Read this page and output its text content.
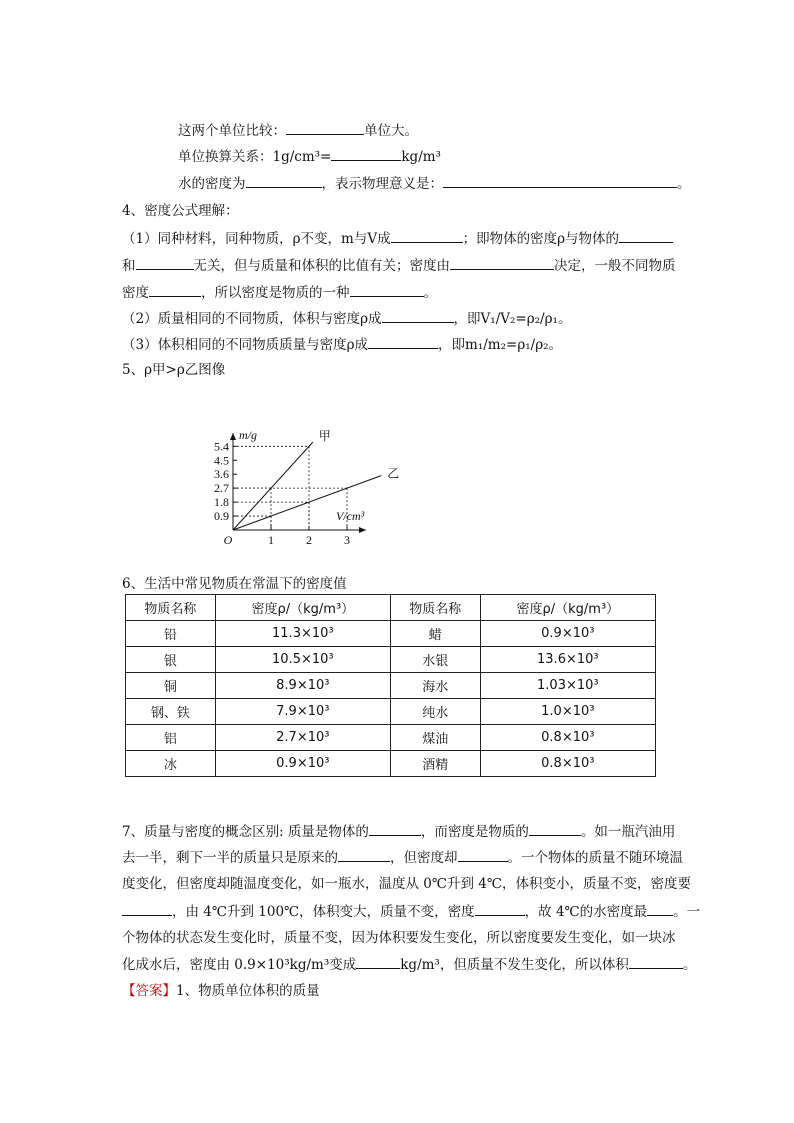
这两个单位比较：	单位大。
单位换算关系：1g/cm³=	kg/m³
水的密度为	，表示物理意义是：	。
4、密度公式理解：
（1）同种材料，同种物质，ρ不变，m与V成	；即物体的密度ρ与物体的
和	无关，但与质量和体积的比值有关；密度由	决定，一般不同物质
密度	，所以密度是物质的一种	。
（2）质量相同的不同物质，体积与密度ρ成	，即V₁/V₂=ρ₂/ρ₁。
（3）体积相同的不同物质质量与密度ρ成	，即m₁/m₂=ρ₁/ρ₂。
5、ρ甲>ρ乙图像
m/g
V/cm³
O
0.9
1.8
2.7
3.6
4.5
5.4
1	2	3
甲
乙
6、生活中常见物质在常温下的密度值
物质名称	密度ρ/（kg/m³）	物质名称	密度ρ/（kg/m³）
铅	11.3×10³	蜡	0.9×10³
银	10.5×10³	水银	13.6×10³
铜	8.9×10³	海水	1.03×10³
钢、铁	7.9×10³	纯水	1.0×10³
铝	2.7×10³	煤油	0.8×10³
冰	0.9×10³	酒精	0.8×10³
7、质量与密度的概念区别: 质量是物体的	，而密度是物质的	。如一瓶汽油用
去一半，剩下一半的质量只是原来的	，但密度却	。一个物体的质量不随环境温
度变化，但密度却随温度变化，如一瓶水，温度从 0℃升到 4℃，体积变小，质量不变，密度要
，由 4℃升到 100℃，体积变大，质量不变，密度	，故 4℃的水密度最 。一
个物体的状态发生变化时，质量不变，因为体积要发生变化，所以密度要发生变化，如一块冰
化成水后，密度由 0.9×10³kg/m³变成	kg/m³，但质量不发生变化，所以体积	。
【答案】1、物质单位体积的质量
